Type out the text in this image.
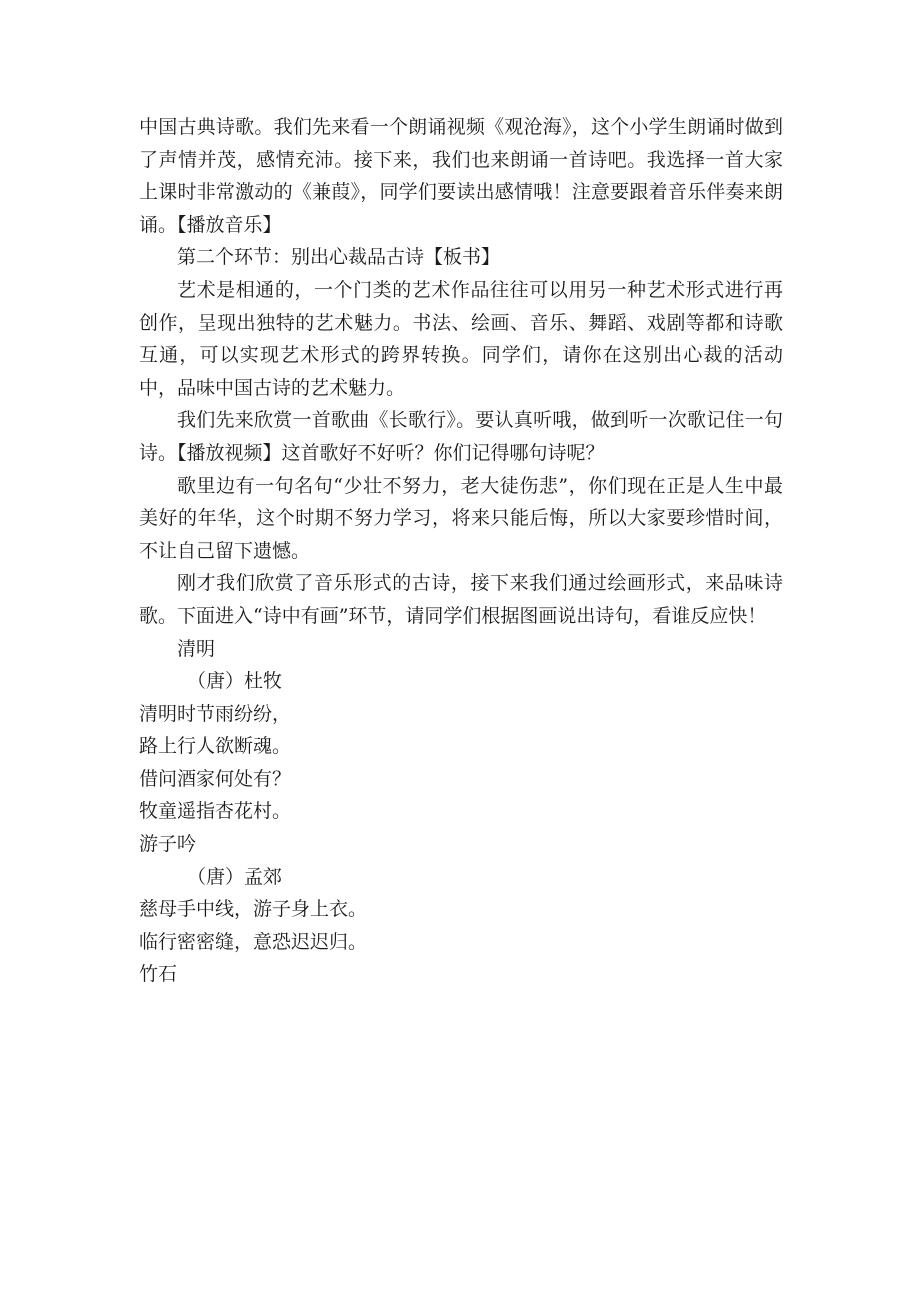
中国古典诗歌。我们先来看一个朗诵视频《观沧海》，这个小学生朗诵时做到了声情并茂，感情充沛。接下来，我们也来朗诵一首诗吧。我选择一首大家上课时非常激动的《兼葭》，同学们要读出感情哦！注意要跟着音乐伴奏来朗诵。【播放音乐】

第二个环节：别出心裁品古诗【板书】

艺术是相通的，一个门类的艺术作品往往可以用另一种艺术形式进行再创作，呈现出独特的艺术魅力。书法、绘画、音乐、舞蹈、戏剧等都和诗歌互通，可以实现艺术形式的跨界转换。同学们，请你在这别出心裁的活动中，品味中国古诗的艺术魅力。

我们先来欣赏一首歌曲《长歌行》。要认真听哦，做到听一次歌记住一句诗。【播放视频】这首歌好不好听？你们记得哪句诗呢？

歌里边有一句名句“少壮不努力，老大徒伤悲”，你们现在正是人生中最美好的年华，这个时期不努力学习，将来只能后悔，所以大家要珍惜时间，不让自己留下遗憾。

刚才我们欣赏了音乐形式的古诗，接下来我们通过绘画形式，来品味诗歌。下面进入“诗中有画”环节，请同学们根据图画说出诗句，看谁反应快！

清明

（唐）杜牧

清明时节雨纷纷，

路上行人欲断魂。

借问酒家何处有？

牧童遥指杏花村。

游子吟

（唐）孟郊

慈母手中线，游子身上衣。

临行密密缝，意恐迟迟归。

竹石
